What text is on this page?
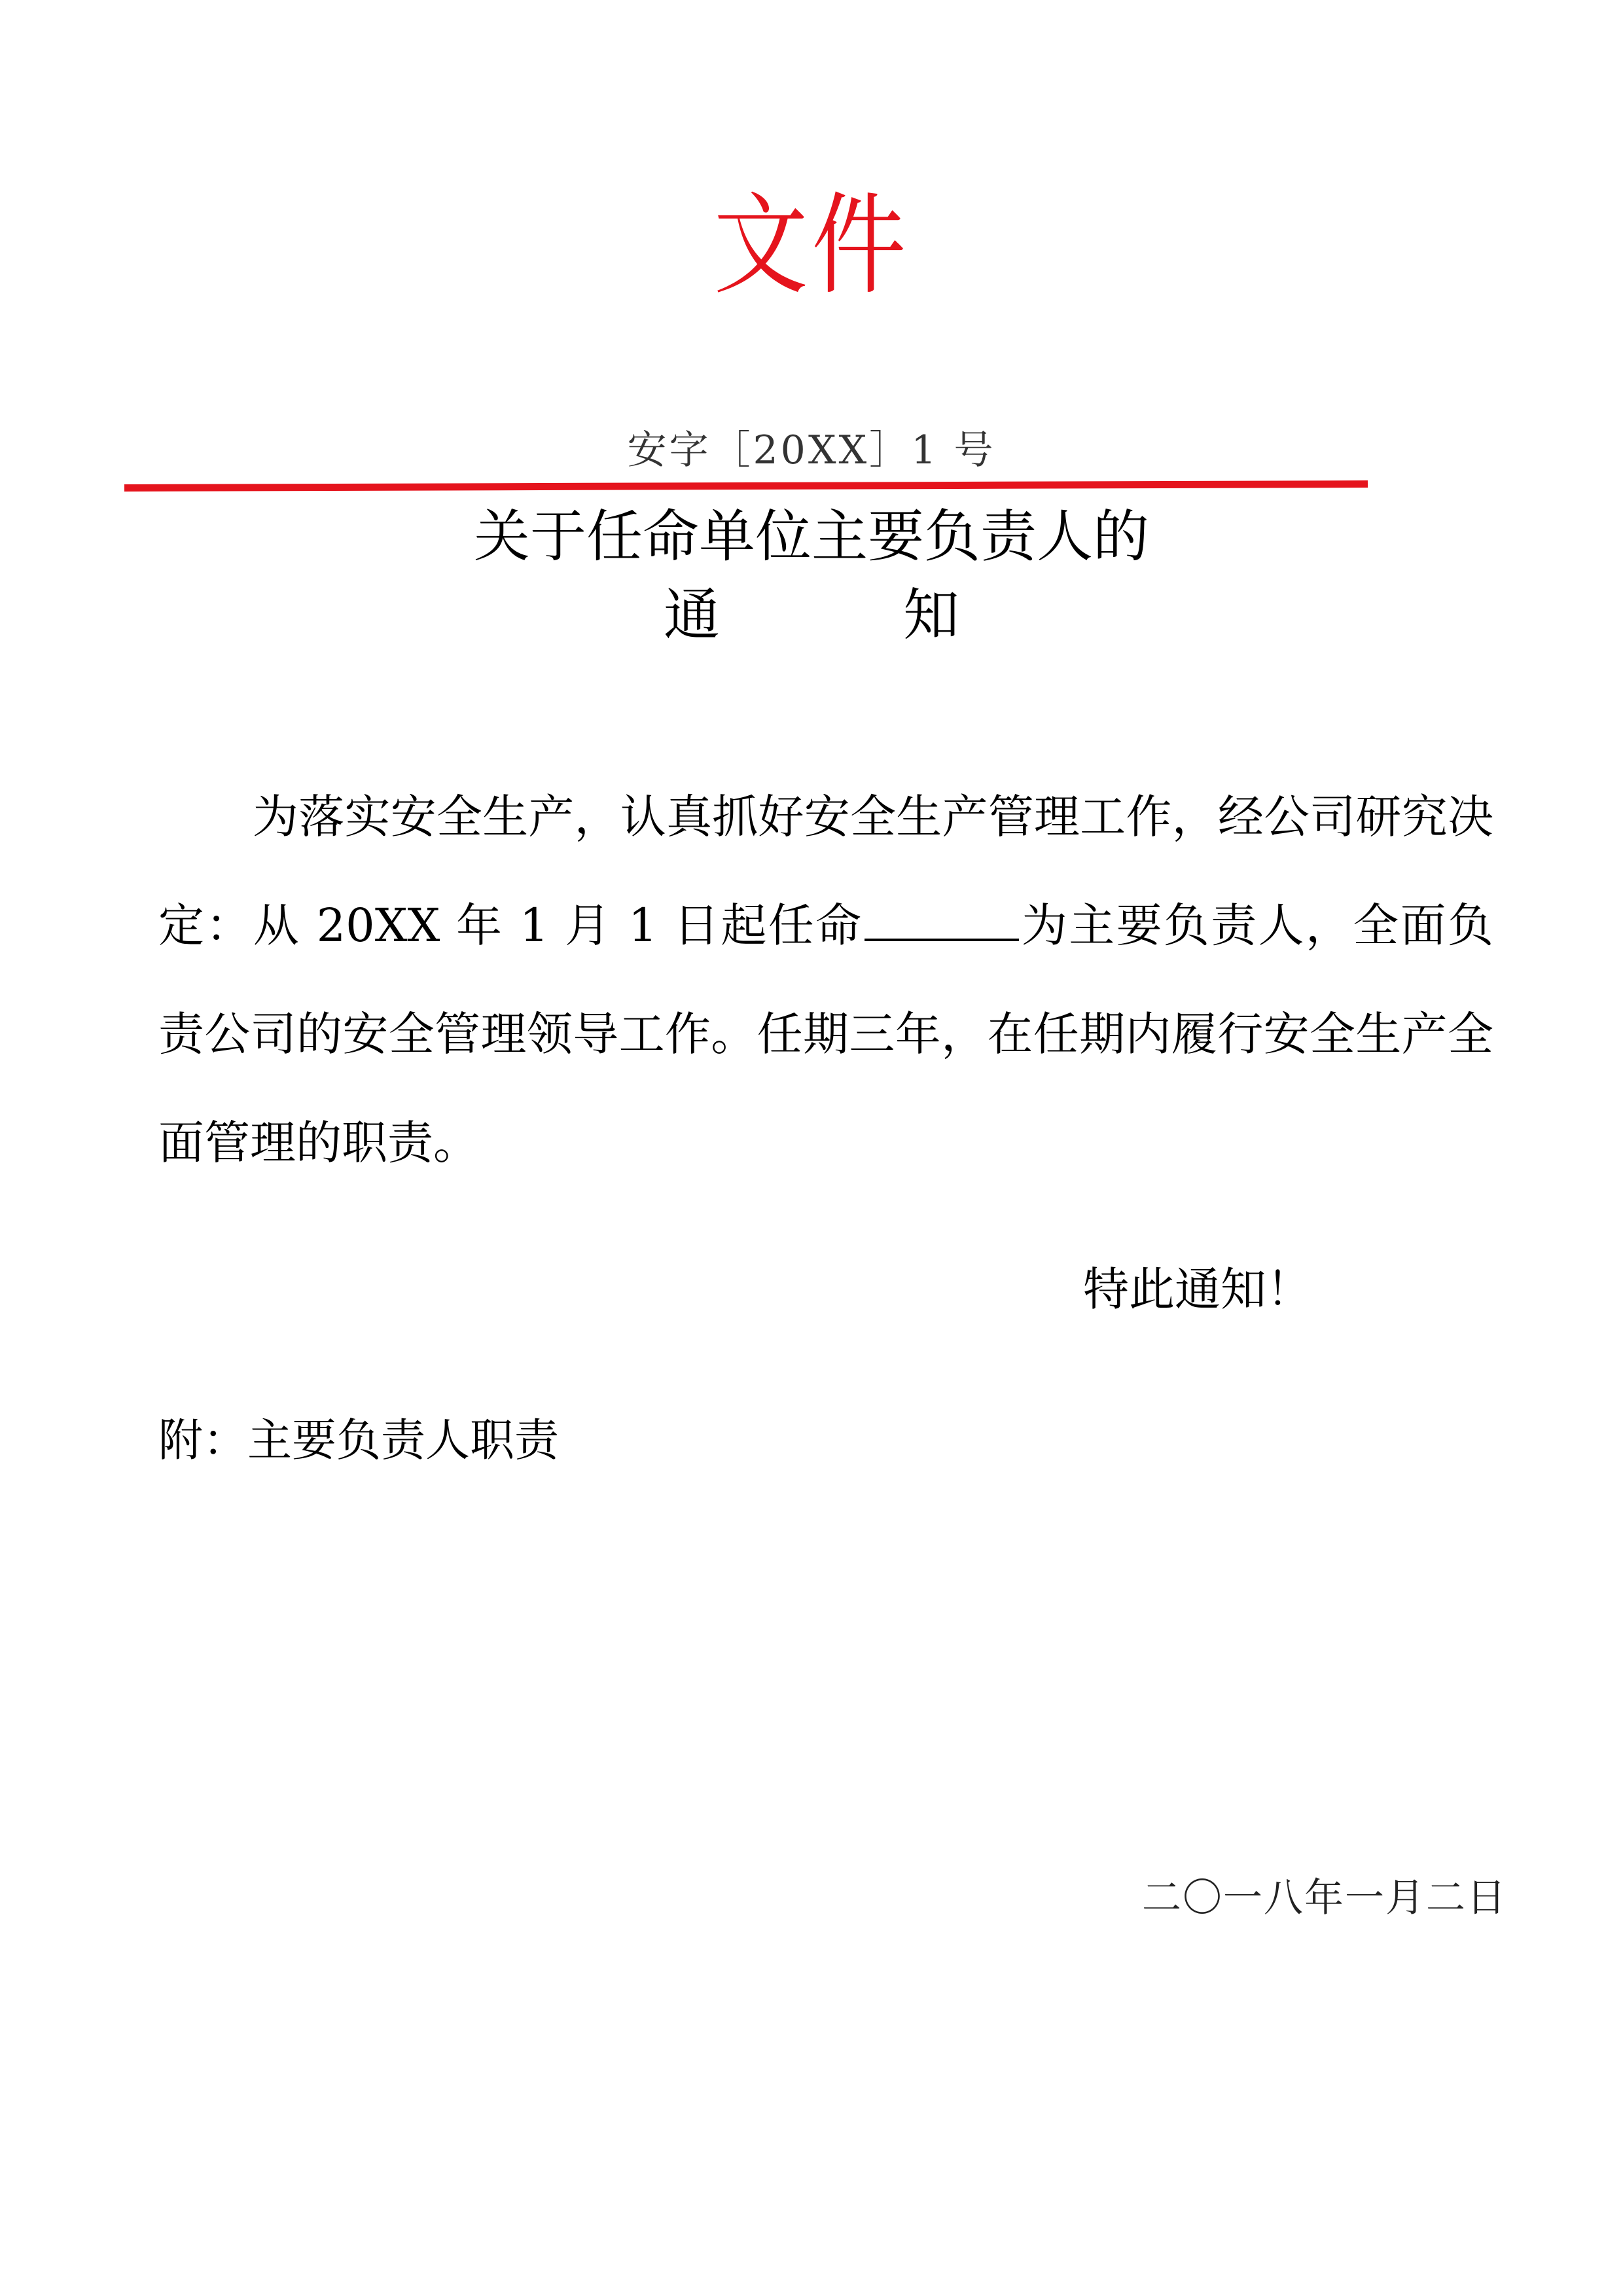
文件
安字［20XX］1 号
关于任命单位主要负责人的
通	知
为落实安全生产，认真抓好安全生产管理工作，经公司研究决定：从 20XX 年 1 月 1 日起任命	为主要负责人，全面负责公司的安全管理领导工作。任期三年，在任期内履行安全生产全面管理的职责。
特此通知！
附：主要负责人职责
二〇一八年一月二日
